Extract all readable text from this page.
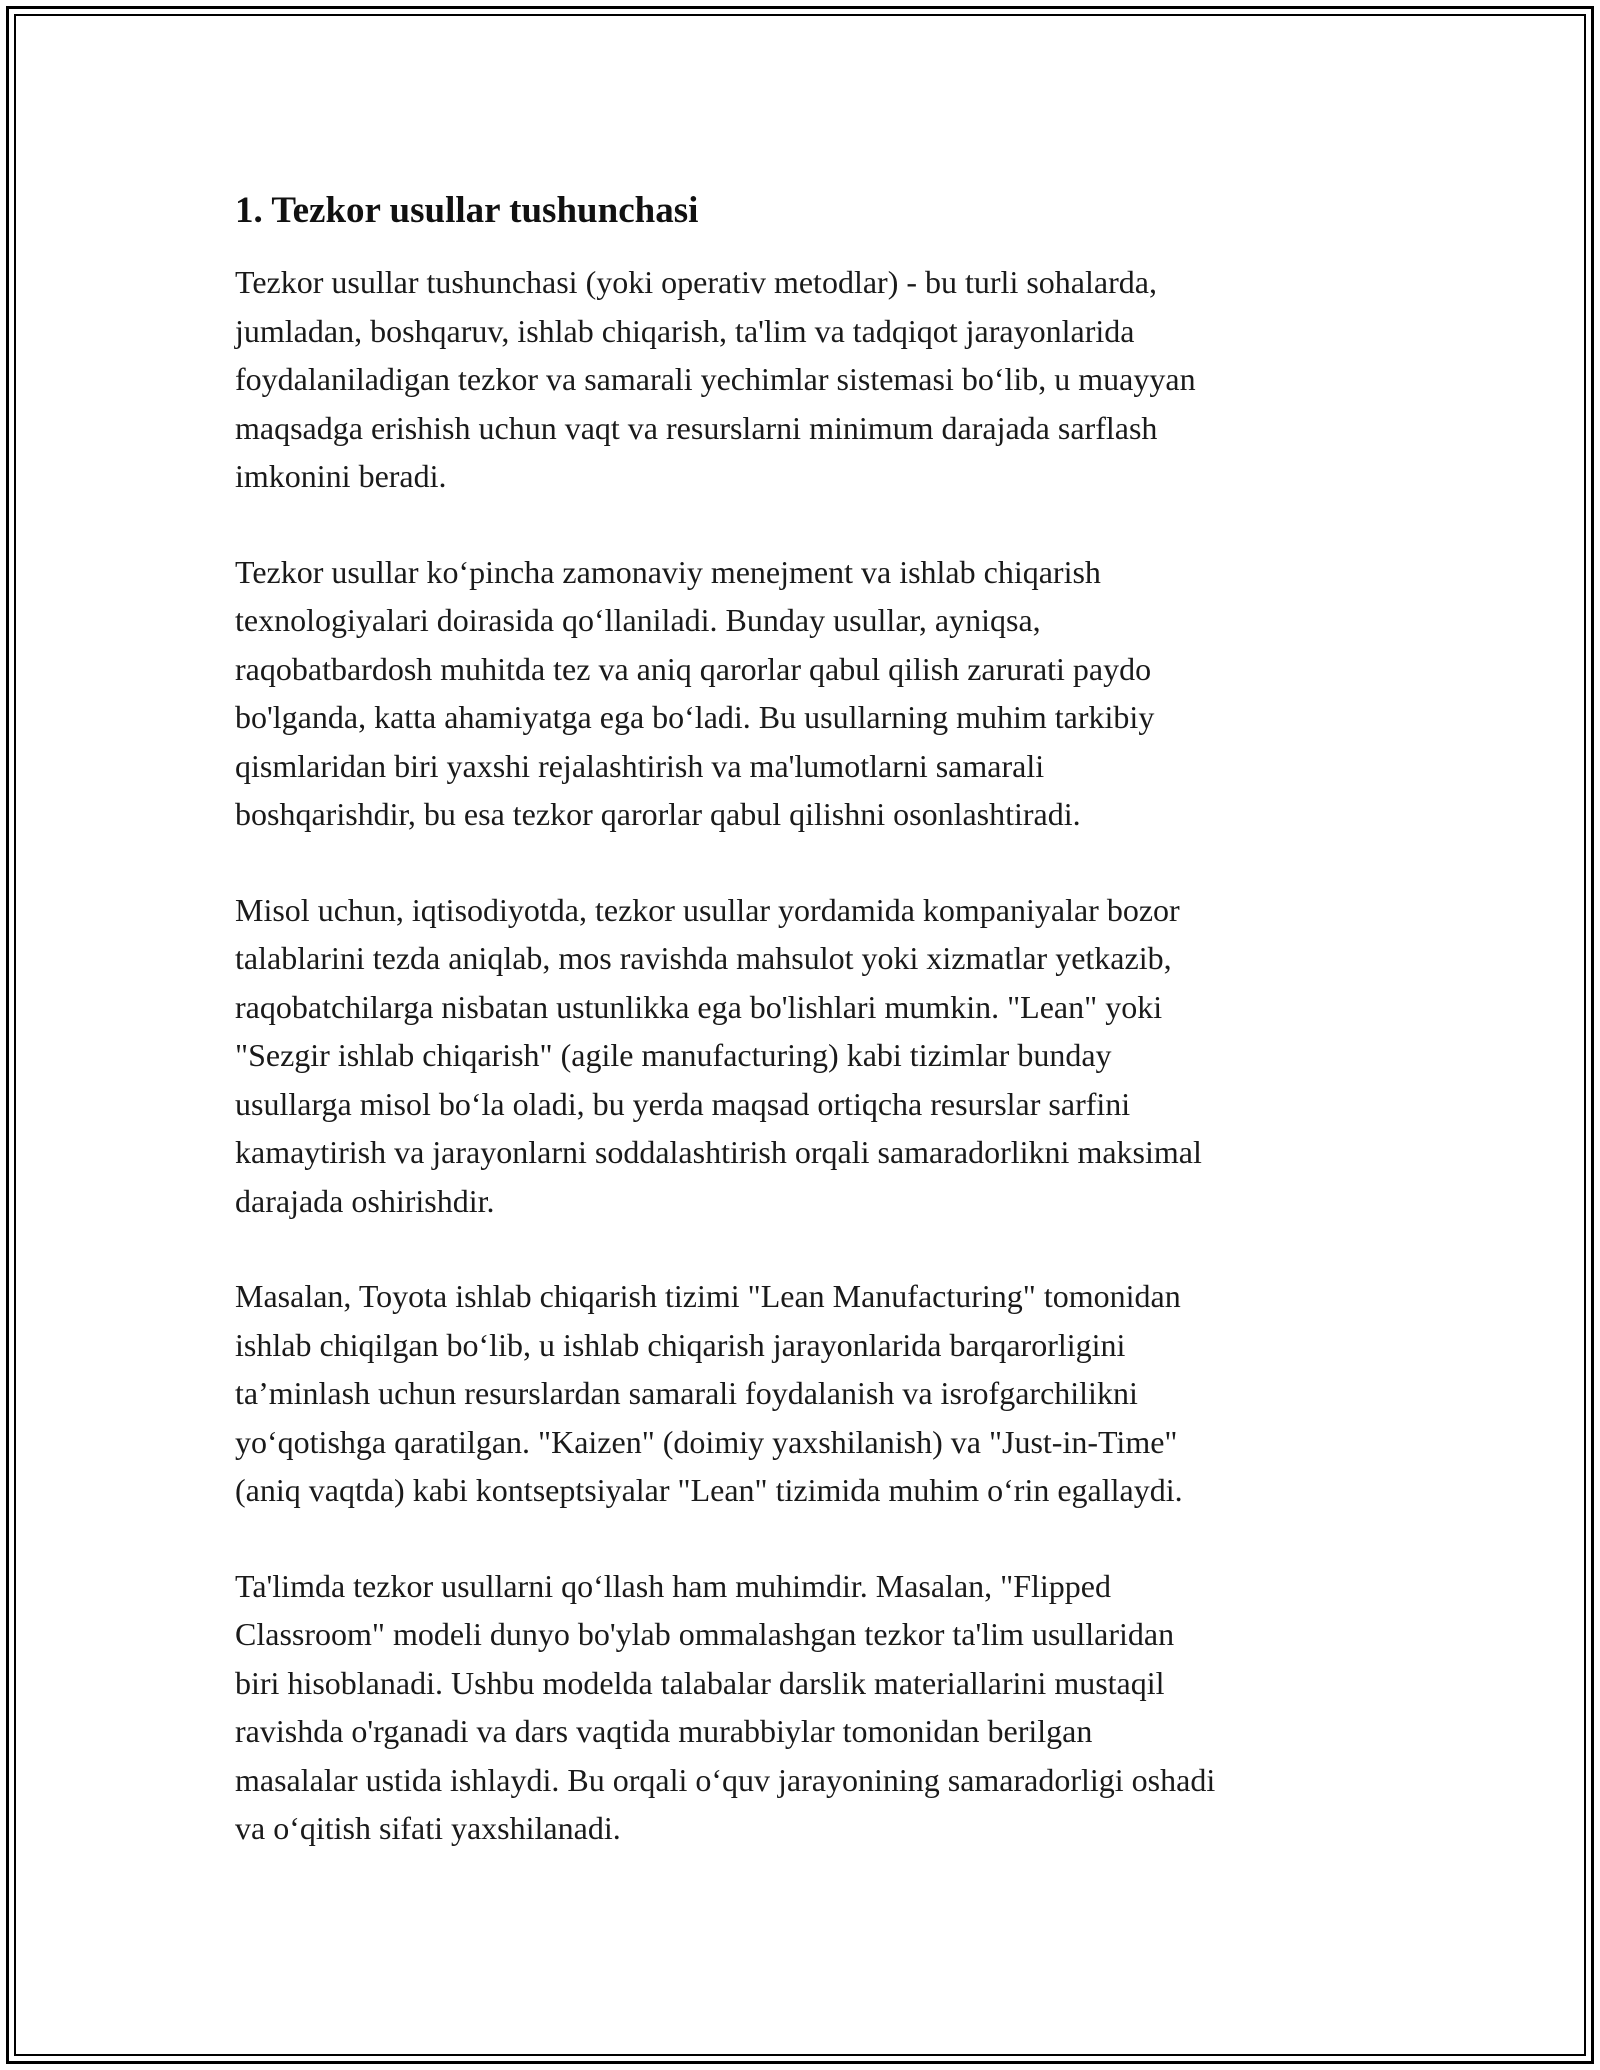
1. Tezkor usullar tushunchasi

Tezkor usullar tushunchasi (yoki operativ metodlar) - bu turli sohalarda,
jumladan, boshqaruv, ishlab chiqarish, ta'lim va tadqiqot jarayonlarida
foydalaniladigan tezkor va samarali yechimlar sistemasi bo‘lib, u muayyan
maqsadga erishish uchun vaqt va resurslarni minimum darajada sarflash
imkonini beradi.

Tezkor usullar ko‘pincha zamonaviy menejment va ishlab chiqarish
texnologiyalari doirasida qo‘llaniladi. Bunday usullar, ayniqsa,
raqobatbardosh muhitda tez va aniq qarorlar qabul qilish zarurati paydo
bo'lganda, katta ahamiyatga ega bo‘ladi. Bu usullarning muhim tarkibiy
qismlaridan biri yaxshi rejalashtirish va ma'lumotlarni samarali
boshqarishdir, bu esa tezkor qarorlar qabul qilishni osonlashtiradi.

Misol uchun, iqtisodiyotda, tezkor usullar yordamida kompaniyalar bozor
talablarini tezda aniqlab, mos ravishda mahsulot yoki xizmatlar yetkazib,
raqobatchilarga nisbatan ustunlikka ega bo'lishlari mumkin. "Lean" yoki
"Sezgir ishlab chiqarish" (agile manufacturing) kabi tizimlar bunday
usullarga misol bo‘la oladi, bu yerda maqsad ortiqcha resurslar sarfini
kamaytirish va jarayonlarni soddalashtirish orqali samaradorlikni maksimal
darajada oshirishdir.

Masalan, Toyota ishlab chiqarish tizimi "Lean Manufacturing" tomonidan
ishlab chiqilgan bo‘lib, u ishlab chiqarish jarayonlarida barqarorligini
ta’minlash uchun resurslardan samarali foydalanish va isrofgarchilikni
yo‘qotishga qaratilgan. "Kaizen" (doimiy yaxshilanish) va "Just-in-Time"
(aniq vaqtda) kabi kontseptsiyalar "Lean" tizimida muhim o‘rin egallaydi.

Ta'limda tezkor usullarni qo‘llash ham muhimdir. Masalan, "Flipped
Classroom" modeli dunyo bo'ylab ommalashgan tezkor ta'lim usullaridan
biri hisoblanadi. Ushbu modelda talabalar darslik materiallarini mustaqil
ravishda o'rganadi va dars vaqtida murabbiylar tomonidan berilgan
masalalar ustida ishlaydi. Bu orqali o‘quv jarayonining samaradorligi oshadi
va o‘qitish sifati yaxshilanadi.
